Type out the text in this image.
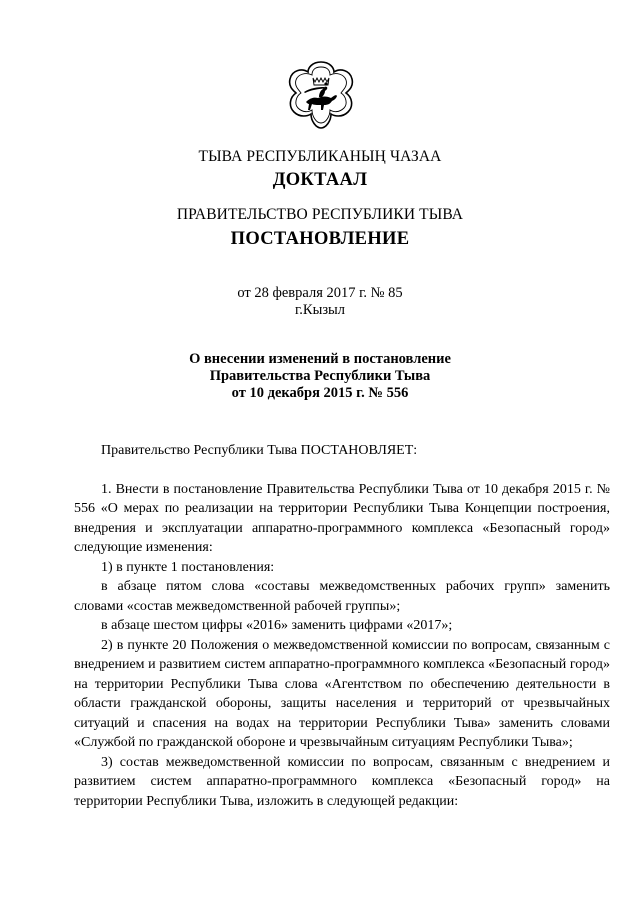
ТЫВА РЕСПУБЛИКАНЫҢ ЧАЗАА
ДОКТААЛ
ПРАВИТЕЛЬСТВО РЕСПУБЛИКИ ТЫВА
ПОСТАНОВЛЕНИЕ
от 28 февраля 2017 г. № 85
г.Кызыл
О внесении изменений в постановление
Правительства Республики Тыва
от 10 декабря 2015 г. № 556

Правительство Республики Тыва ПОСТАНОВЛЯЕТ:

1. Внести в постановление Правительства Республики Тыва от 10 декабря 2015 г. № 556 «О мерах по реализации на территории Республики Тыва Концепции построения, внедрения и эксплуатации аппаратно-программного комплекса «Безопасный город» следующие изменения:

1) в пункте 1 постановления:

в абзаце пятом слова «составы межведомственных рабочих групп» заменить словами «состав межведомственной рабочей группы»;

в абзаце шестом цифры «2016» заменить цифрами «2017»;

2) в пункте 20 Положения о межведомственной комиссии по вопросам, связанным с внедрением и развитием систем аппаратно-программного комплекса «Безопасный город» на территории Республики Тыва слова «Агентством по обеспечению деятельности в области гражданской обороны, защиты населения и территорий от чрезвычайных ситуаций и спасения на водах на территории Республики Тыва» заменить словами «Службой по гражданской обороне и чрезвычайным ситуациям Республики Тыва»;

3) состав межведомственной комиссии по вопросам, связанным с внедрением и развитием систем аппаратно-программного комплекса «Безопасный город» на территории Республики Тыва, изложить в следующей редакции:
